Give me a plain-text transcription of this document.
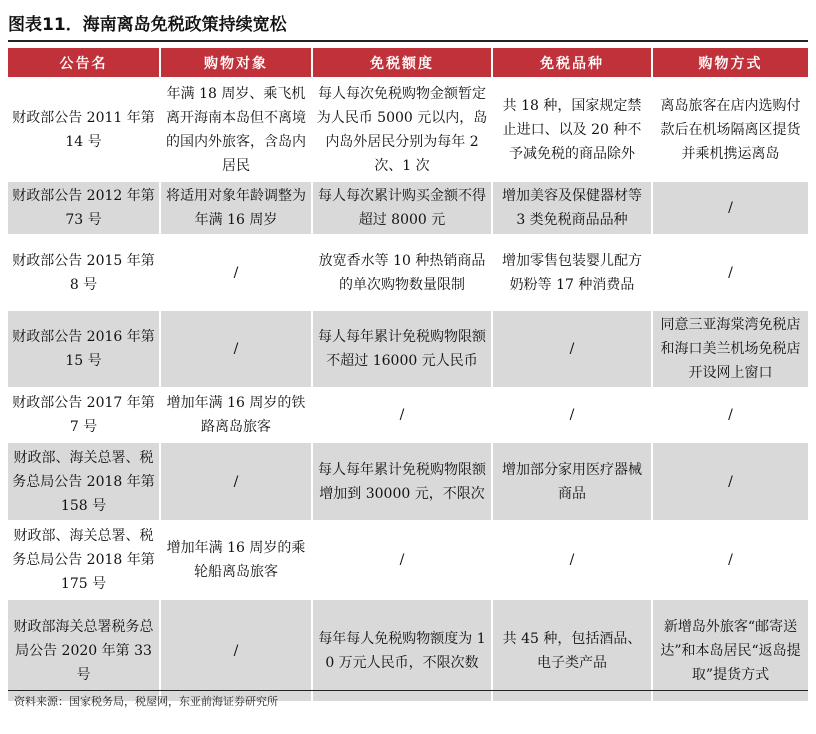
图表11．海南离岛免税政策持续宽松
公告名	购物对象	免税额度	免税品种	购物方式
财政部公告 2011 年第 14 号	年满 18 周岁、乘飞机离开海南本岛但不离境的国内外旅客，含岛内居民	每人每次免税购物金额暂定为人民币 5000 元以内，岛内岛外居民分别为每年 2 次、1 次	共 18 种，国家规定禁止进口、以及 20 种不予减免税的商品除外	离岛旅客在店内选购付款后在机场隔离区提货并乘机携运离岛
财政部公告 2012 年第 73 号	将适用对象年龄调整为年满 16 周岁	每人每次累计购买金额不得超过 8000 元	增加美容及保健器材等 3 类免税商品品种	/
财政部公告 2015 年第 8 号	/	放宽香水等 10 种热销商品的单次购物数量限制	增加零售包装婴儿配方奶粉等 17 种消费品	/
财政部公告 2016 年第 15 号	/	每人每年累计免税购物限额不超过 16000 元人民币	/	同意三亚海棠湾免税店和海口美兰机场免税店开设网上窗口
财政部公告 2017 年第 7 号	增加年满 16 周岁的铁路离岛旅客	/	/	/
财政部、海关总署、税务总局公告 2018 年第 158 号	/	每人每年累计免税购物限额增加到 30000 元，不限次	增加部分家用医疗器械商品	/
财政部、海关总署、税务总局公告 2018 年第 175 号	增加年满 16 周岁的乘轮船离岛旅客	/	/	/
财政部海关总署税务总局公告 2020 年第 33 号	/	每年每人免税购物额度为 10 万元人民币，不限次数	共 45 种，包括酒品、电子类产品	新增岛外旅客“邮寄送达”和本岛居民“返岛提取”提货方式
资料来源：国家税务局，税屋网，东亚前海证券研究所
